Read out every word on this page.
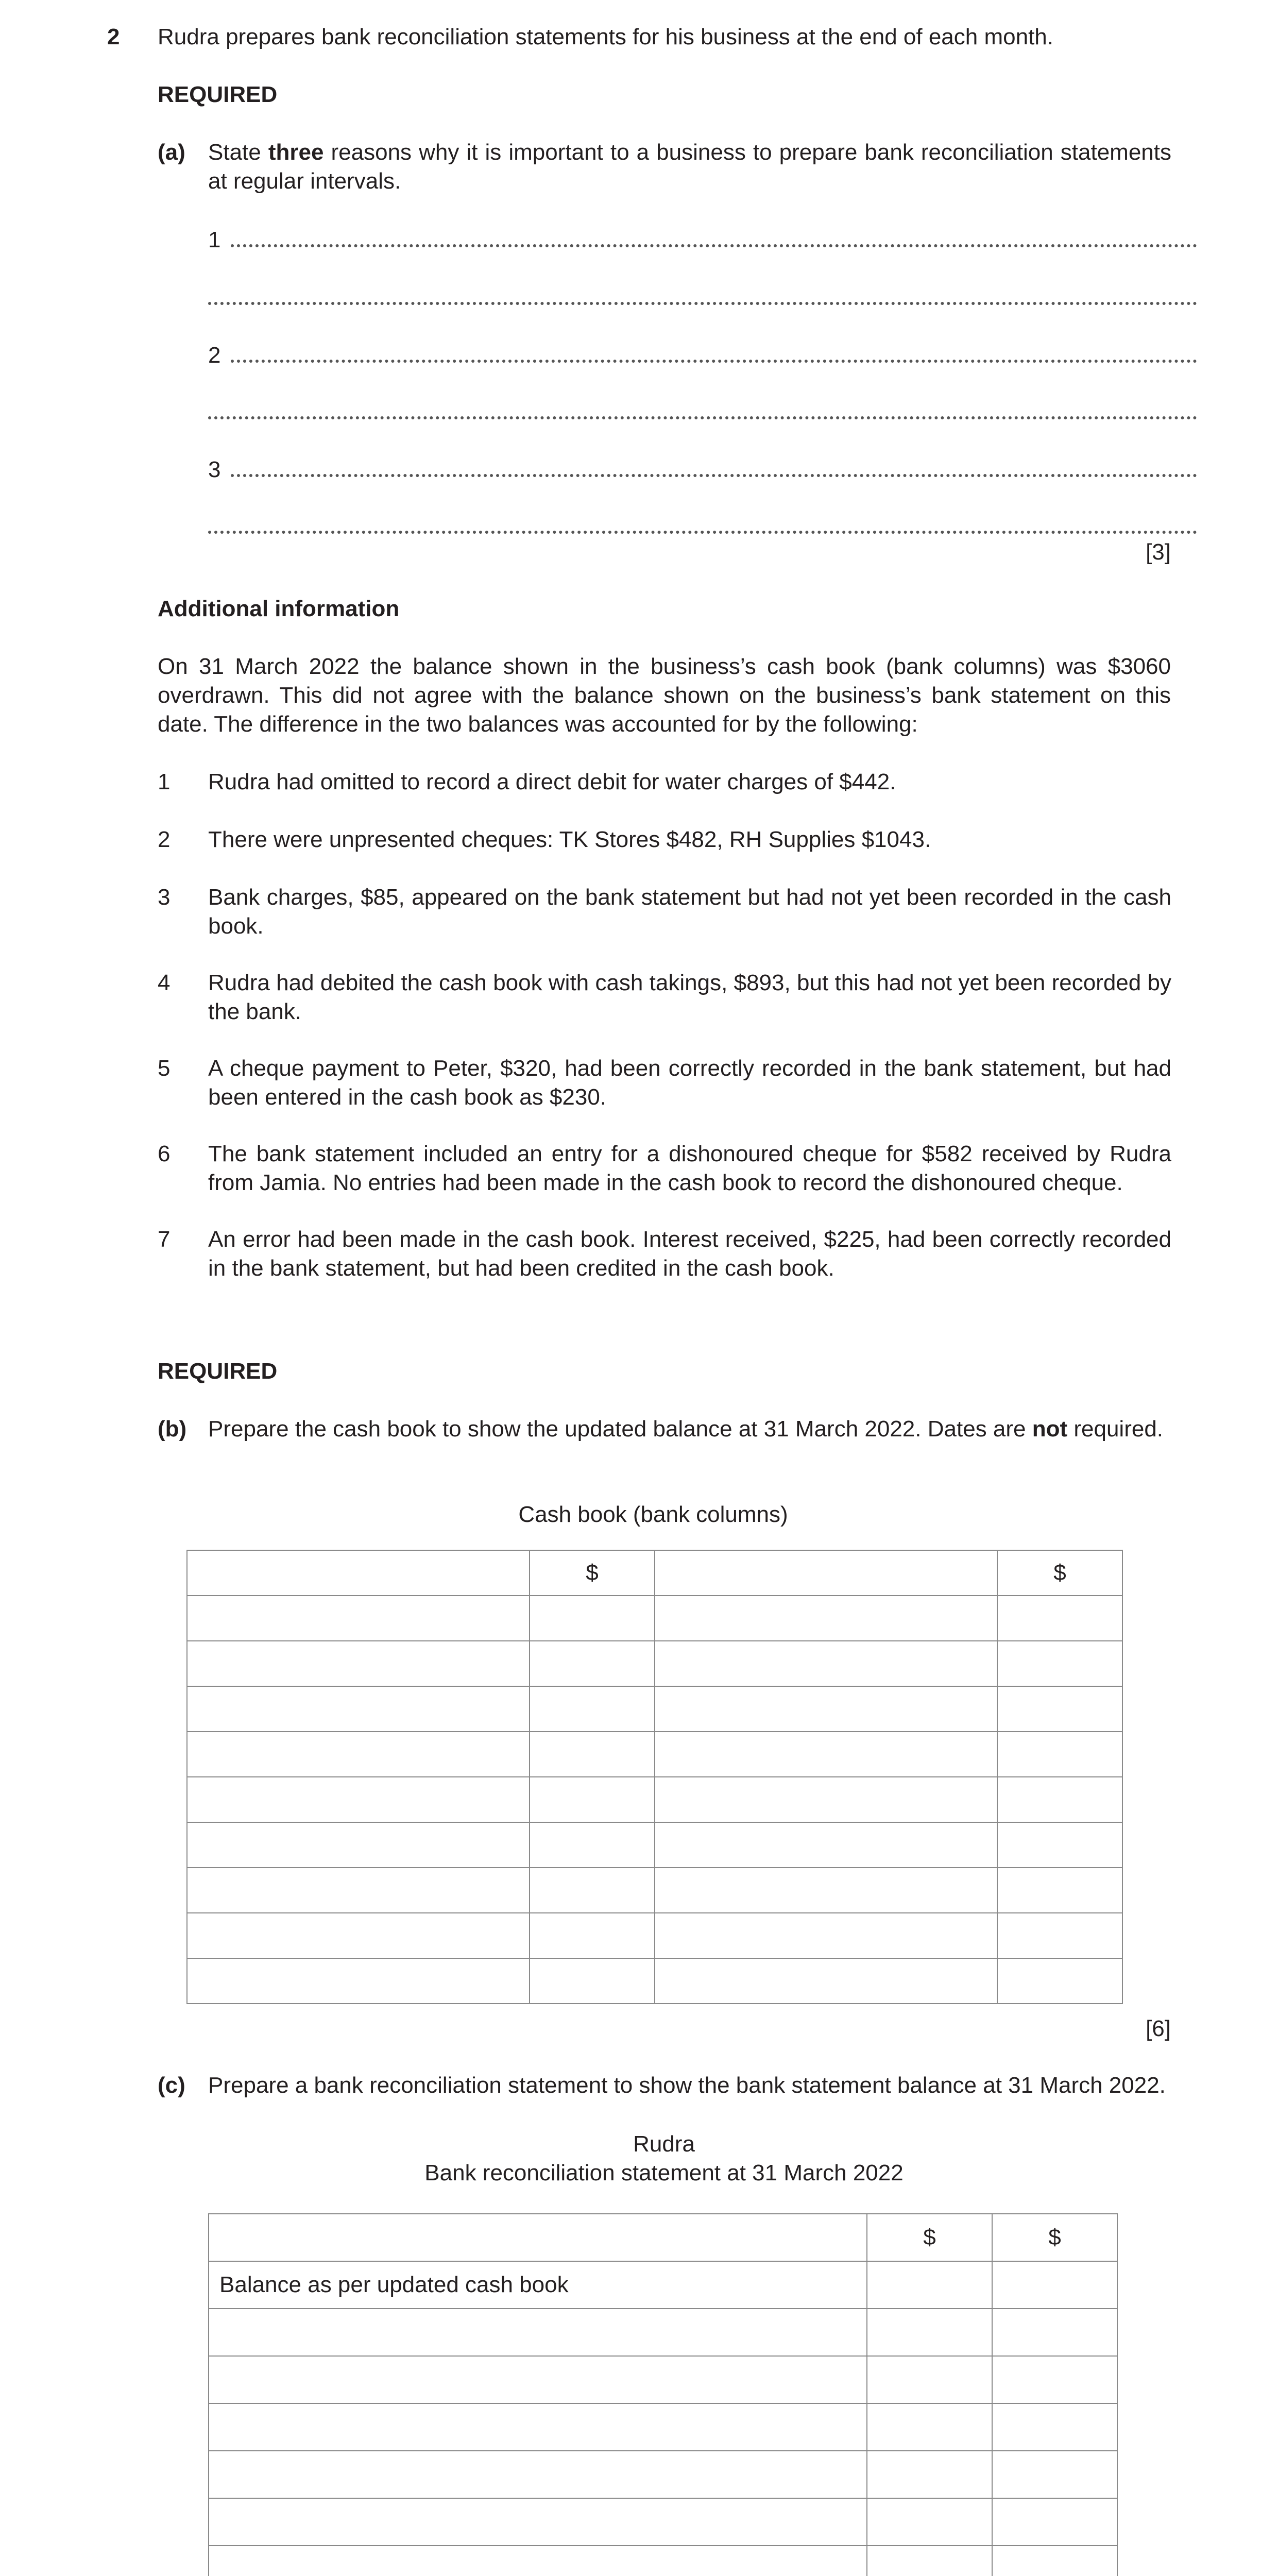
2 Rudra prepares bank reconciliation statements for his business at the end of each month.
REQUIRED
(a) State three reasons why it is important to a business to prepare bank reconciliation statements at regular intervals.
1
2
3
[3]
Additional information
On 31 March 2022 the balance shown in the business’s cash book (bank columns) was $3060 overdrawn. This did not agree with the balance shown on the business’s bank statement on this date. The difference in the two balances was accounted for by the following:
1 Rudra had omitted to record a direct debit for water charges of $442.
2 There were unpresented cheques: TK Stores $482, RH Supplies $1043.
3 Bank charges, $85, appeared on the bank statement but had not yet been recorded in the cash book.
4 Rudra had debited the cash book with cash takings, $893, but this had not yet been recorded by the bank.
5 A cheque payment to Peter, $320, had been correctly recorded in the bank statement, but had been entered in the cash book as $230.
6 The bank statement included an entry for a dishonoured cheque for $582 received by Rudra from Jamia. No entries had been made in the cash book to record the dishonoured cheque.
7 An error had been made in the cash book. Interest received, $225, had been correctly recorded in the bank statement, but had been credited in the cash book.
REQUIRED
(b) Prepare the cash book to show the updated balance at 31 March 2022. Dates are not required.
Cash book (bank columns)
	$		$

[6]
(c) Prepare a bank reconciliation statement to show the bank statement balance at 31 March 2022.
Rudra
Bank reconciliation statement at 31 March 2022
	$	$
Balance as per updated cash book		
